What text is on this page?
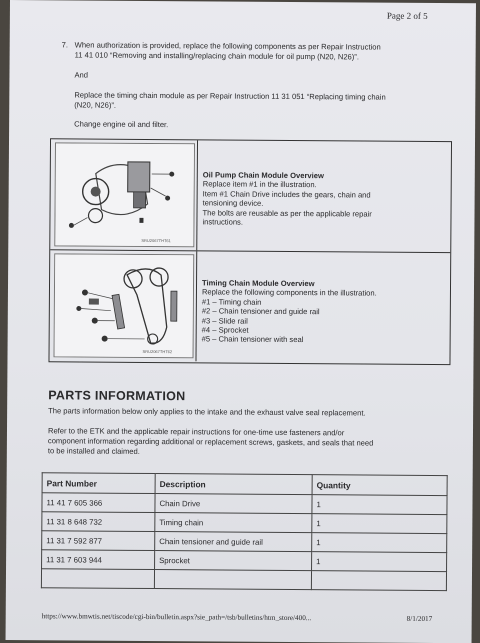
Page 2 of 5
7. When authorization is provided, replace the following components as per Repair Instruction
11 41 010 “Removing and installing/replacing chain module for oil pump (N20, N26)”.
And
Replace the timing chain module as per Repair Instruction 11 31 051 “Replacing timing chain
(N20, N26)”.
Change engine oil and filter.
SRU2067THT61
Oil Pump Chain Module Overview
Replace item #1 in the illustration.
Item #1 Chain Drive includes the gears, chain and
tensioning device.
The bolts are reusable as per the applicable repair
instructions.
SRU2067THT62
Timing Chain Module Overview
Replace the following components in the illustration.
#1 – Timing chain
#2 – Chain tensioner and guide rail
#3 – Slide rail
#4 – Sprocket
#5 – Chain tensioner with seal
PARTS INFORMATION
The parts information below only applies to the intake and the exhaust valve seal replacement.
Refer to the ETK and the applicable repair instructions for one-time use fasteners and/or
component information regarding additional or replacement screws, gaskets, and seals that need
to be installed and claimed.
Part Number	Description	Quantity
11 41 7 605 366	Chain Drive	1
11 31 8 648 732	Timing chain	1
11 31 7 592 877	Chain tensioner and guide rail	1
11 31 7 603 944	Sprocket	1

https://www.bmwtis.net/tiscode/cgi-bin/bulletin.aspx?sie_path=/tsb/bulletins/htm_store/400...	8/1/2017
